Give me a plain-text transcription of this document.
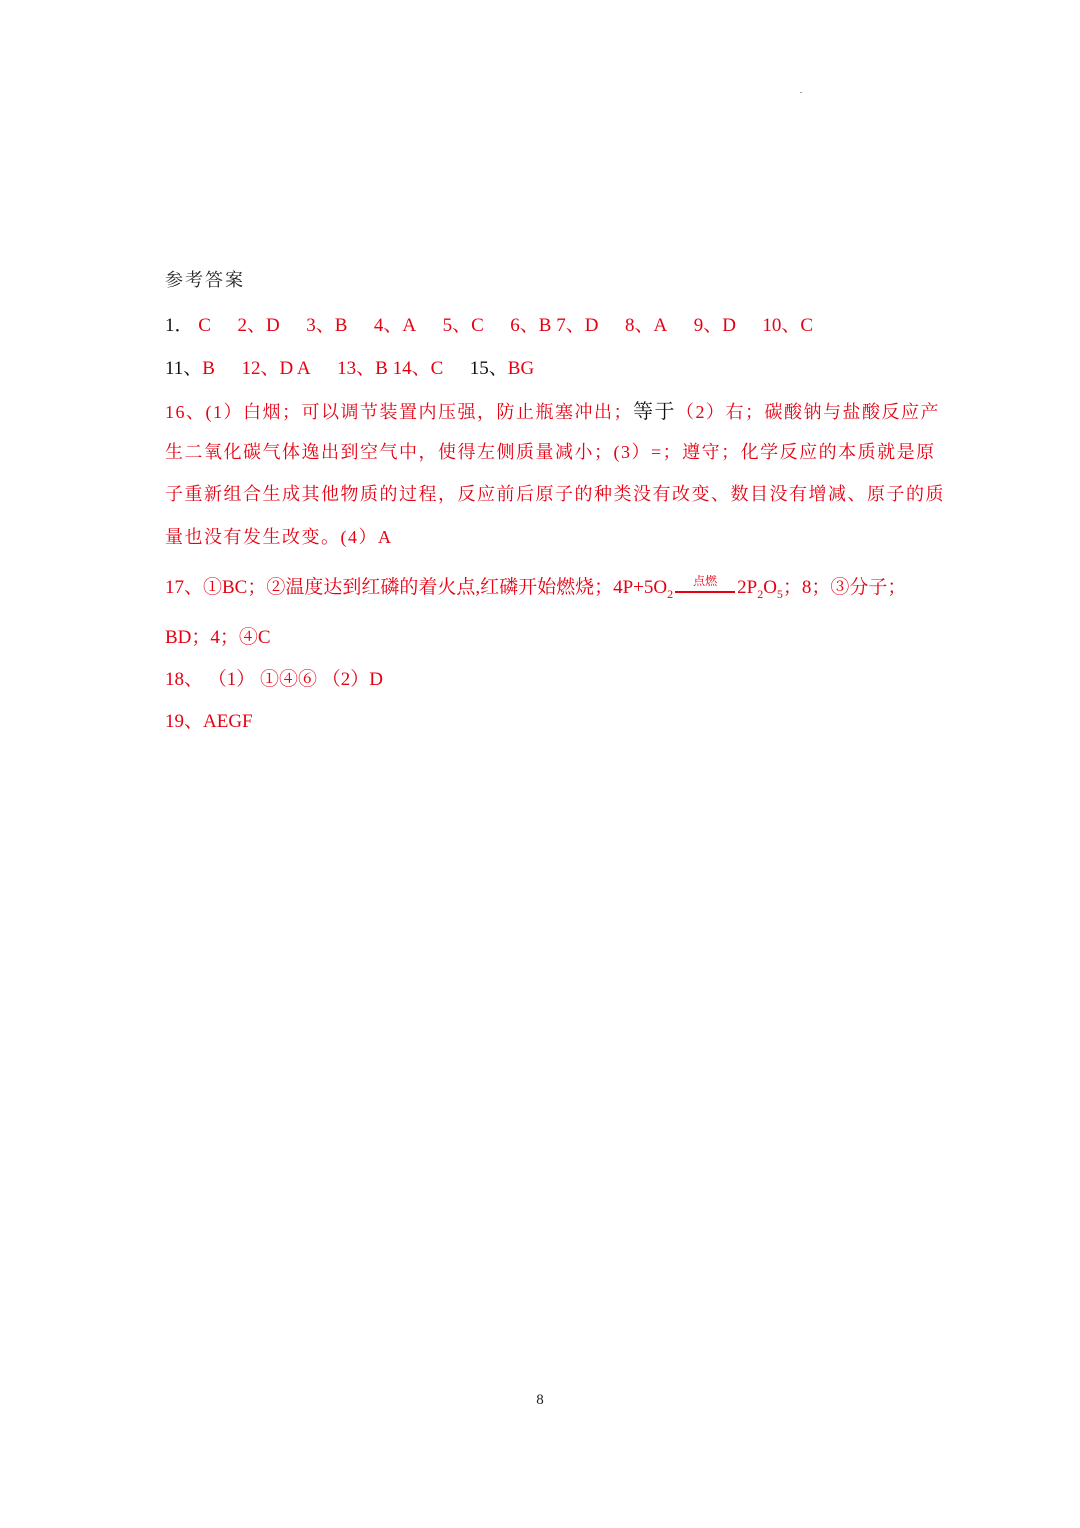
参考答案
1． C 2、D 3、B 4、A 5、C 6、B 7、D 8、A 9、D 10、C
11、B 12、D A 13、B 14、C 15、BG
16、(1）白烟；可以调节装置内压强，防止瓶塞冲出；等于（2）右；碳酸钠与盐酸反应产
生二氧化碳气体逸出到空气中，使得左侧质量减小；(3）=；遵守；化学反应的本质就是原
子重新组合生成其他物质的过程，反应前后原子的种类没有改变、数目没有增减、原子的质
量也没有发生改变。(4）A
17、①BC；②温度达到红磷的着火点,红磷开始燃烧；$4P+5O_2$
点燃	$2P_2O_5$；8；③分子；
BD；4；④C
18、 （1） ①④⑥ （2）D
19、AEGF
8
